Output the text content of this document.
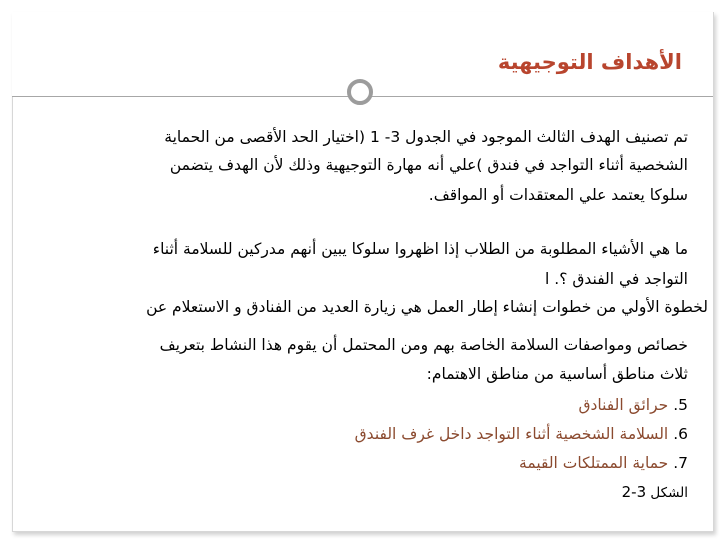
الأهداف التوجيهية
تم تصنيف الهدف الثالث الموجود في الجدول 3- 1 (اختيار الحد الأقصى من الحماية
الشخصية أثناء التواجد في فندق )علي أنه مهارة التوجيهية وذلك لأن الهدف يتضمن
سلوكا يعتمد علي المعتقدات أو المواقف.
ما هي الأشياء المطلوبة من الطلاب إذا اظهروا سلوكا يبين أنهم مدركين للسلامة أثناء
التواجد في الفندق ؟. ا
لخطوة الأولي من خطوات إنشاء إطار العمل هي زيارة العديد من الفنادق و الاستعلام عن
خصائص ومواصفات السلامة الخاصة بهم ومن المحتمل أن يقوم هذا النشاط بتعريف
ثلاث مناطق أساسية من مناطق الاهتمام:
5. حرائق الفنادق
6. السلامة الشخصية أثناء التواجد داخل غرف الفندق
7. حماية الممتلكات القيمة
الشكل 3-2
